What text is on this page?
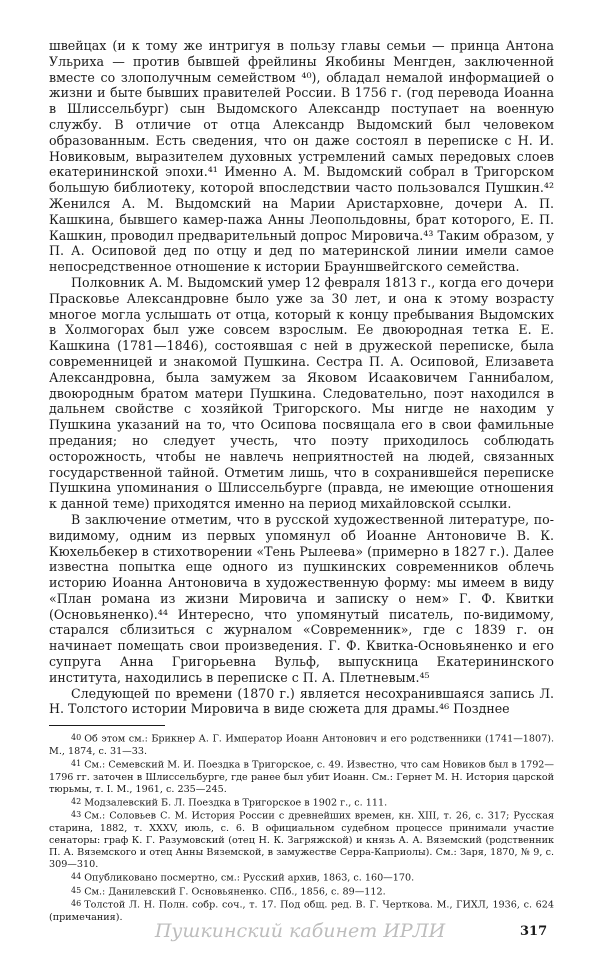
швейцах (и к тому же интригуя в пользу главы семьи — принца Антона Ульриха — против бывшей фрейлины Якобины Менгден, заключенной вместе со злополучным семейством ⁴⁰), обладал немалой информацией о жизни и быте бывших правителей России. В 1756 г. (год перевода Иоанна в Шлиссельбург) сын Выдомского Александр поступает на военную службу. В отличие от отца Александр Выдомский был человеком образованным. Есть сведения, что он даже состоял в переписке с Н. И. Новиковым, выразителем духовных устремлений самых передовых слоев екатерининской эпохи.⁴¹ Именно А. М. Выдомский собрал в Тригорском большую библиотеку, которой впоследствии часто пользовался Пушкин.⁴² Женился А. М. Выдомский на Марии Аристарховне, дочери А. П. Кашкина, бывшего камер-пажа Анны Леопольдовны, брат которого, Е. П. Кашкин, проводил предварительный допрос Мировича.⁴³ Таким образом, у П. А. Осиповой дед по отцу и дед по материнской линии имели самое непосредственное отношение к истории Брауншвейгского семейства.

Полковник А. М. Выдомский умер 12 февраля 1813 г., когда его дочери Прасковье Александровне было уже за 30 лет, и она к этому возрасту многое могла услышать от отца, который к концу пребывания Выдомских в Холмогорах был уже совсем взрослым. Ее двоюродная тетка Е. Е. Кашкина (1781—1846), состоявшая с ней в дружеской переписке, была современницей и знакомой Пушкина. Сестра П. А. Осиповой, Елизавета Александровна, была замужем за Яковом Исааковичем Ганнибалом, двоюродным братом матери Пушкина. Следовательно, поэт находился в дальнем свойстве с хозяйкой Тригорского. Мы нигде не находим у Пушкина указаний на то, что Осипова посвящала его в свои фамильные предания; но следует учесть, что поэту приходилось соблюдать осторожность, чтобы не навлечь неприятностей на людей, связанных государственной тайной. Отметим лишь, что в сохранившейся переписке Пушкина упоминания о Шлиссельбурге (правда, не имеющие отношения к данной теме) приходятся именно на период михайловской ссылки.

В заключение отметим, что в русской художественной литературе, по-видимому, одним из первых упомянул об Иоанне Антоновиче В. К. Кюхельбекер в стихотворении «Тень Рылеева» (примерно в 1827 г.). Далее известна попытка еще одного из пушкинских современников облечь историю Иоанна Антоновича в художественную форму: мы имеем в виду «План романа из жизни Мировича и записку о нем» Г. Ф. Квитки (Основьяненко).⁴⁴ Интересно, что упомянутый писатель, по-видимому, старался сблизиться с журналом «Современник», где с 1839 г. он начинает помещать свои произведения. Г. Ф. Квитка-Основьяненко и его супруга Анна Григорьевна Вульф, выпускница Екатерининского института, находились в переписке с П. А. Плетневым.⁴⁵

Следующей по времени (1870 г.) является несохранившаяся запись Л. Н. Толстого истории Мировича в виде сюжета для драмы.⁴⁶ Позднее

40 Об этом см.: Брикнер А. Г. Император Иоанн Антонович и его родственники (1741—1807). М., 1874, с. 31—33.

41 См.: Семевский М. И. Поездка в Тригорское, с. 49. Известно, что сам Новиков был в 1792—1796 гг. заточен в Шлиссельбурге, где ранее был убит Иоанн. См.: Гернет М. Н. История царской тюрьмы, т. I. М., 1961, с. 235—245.

42 Модзалевский Б. Л. Поездка в Тригорское в 1902 г., с. 111.

43 См.: Соловьев С. М. История России с древнейших времен, кн. XIII, т. 26, с. 317; Русская старина, 1882, т. XXXV, июль, с. 6. В официальном судебном процессе принимали участие сенаторы: граф К. Г. Разумовский (отец Н. К. Загряжской) и князь А. А. Вяземский (родственник П. А. Вяземского и отец Анны Вяземской, в замужестве Серра-Каприолы). См.: Заря, 1870, № 9, с. 309—310.

44 Опубликовано посмертно, см.: Русский архив, 1863, с. 160—170.

45 См.: Данилевский Г. Основьяненко. СПб., 1856, с. 89—112.

46 Толстой Л. Н. Полн. собр. соч., т. 17. Под общ. ред. В. Г. Черткова. М., ГИХЛ, 1936, с. 624 (примечания).

Пушкинский кабинет ИРЛИ	317
